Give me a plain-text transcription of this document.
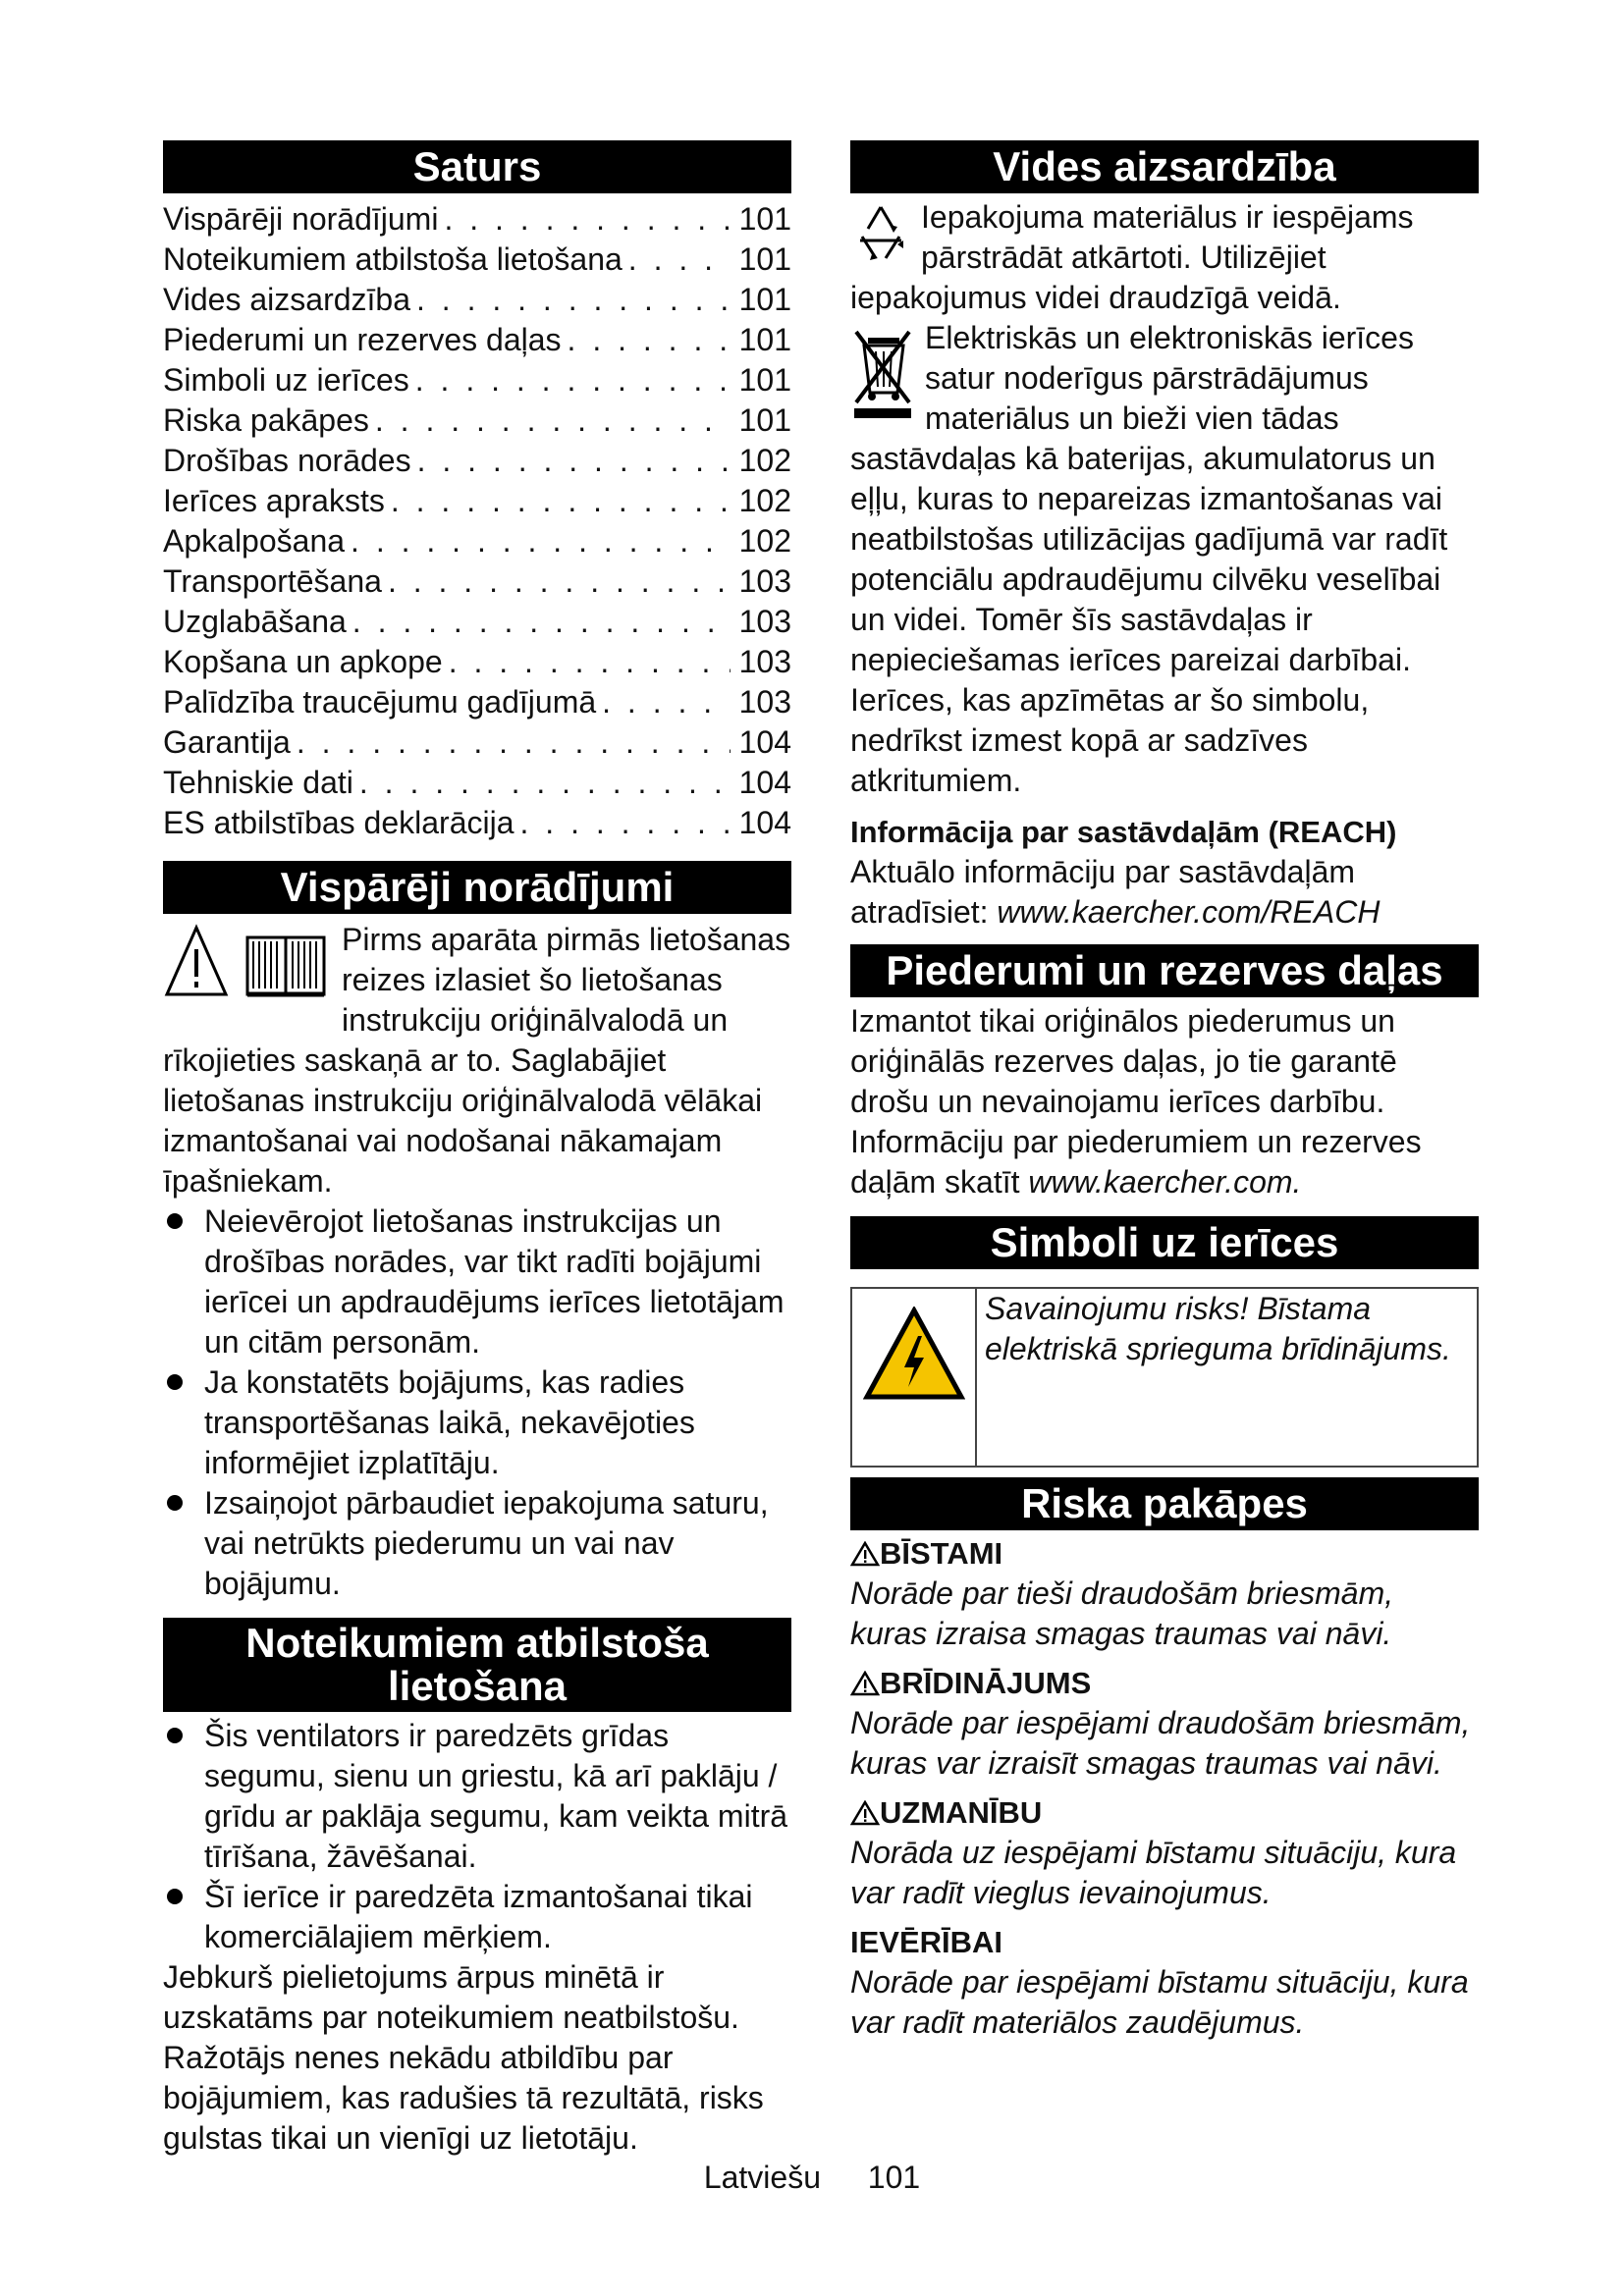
Saturs
Vispārēji norādījumi . . .	101
Noteikumiem atbilstoša lietošana . . .	101
Vides aizsardzība . . .	101
Piederumi un rezerves daļas . . .	101
Simboli uz ierīces . . .	101
Riska pakāpes . . .	101
Drošības norādes . . .	102
Ierīces apraksts . . .	102
Apkalpošana . . .	102
Transportēšana . . .	103
Uzglabāšana . . .	103
Kopšana un apkope . . .	103
Palīdzība traucējumu gadījumā . . .	103
Garantija . . .	104
Tehniskie dati . . .	104
ES atbilstības deklarācija . . .	104
Vispārēji norādījumi

Pirms aparāta pirmās lietošanas reizes izlasiet šo lietošanas instrukciju oriģinālvalodā un rīkojieties saskaņā ar to. Saglabājiet lietošanas instrukciju oriģinālvalodā vēlākai izmantošanai vai nodošanai nākamajam īpašniekam.

Neievērojot lietošanas instrukcijas un drošības norādes, var tikt radīti bojājumi ierīcei un apdraudējums ierīces lietotājam un citām personām.

Ja konstatēts bojājums, kas radies transportēšanas laikā, nekavējoties informējiet izplatītāju.

Izsaiņojot pārbaudiet iepakojuma saturu, vai netrūkts piederumu un vai nav bojājumu.

Noteikumiem atbilstoša
lietošana

Šis ventilators ir paredzēts grīdas segumu, sienu un griestu, kā arī paklāju / grīdu ar paklāja segumu, kam veikta mitrā tīrīšana, žāvēšanai.

Šī ierīce ir paredzēta izmantošanai tikai komerciālajiem mērķiem.

Jebkurš pielietojums ārpus minētā ir uzskatāms par noteikumiem neatbilstošu. Ražotājs nenes nekādu atbildību par bojājumiem, kas radušies tā rezultātā, risks gulstas tikai un vienīgi uz lietotāju.

Vides aizsardzība

Iepakojuma materiālus ir iespējams pārstrādāt atkārtoti. Utilizējiet iepakojumus videi draudzīgā veidā.

Elektriskās un elektroniskās ierīces satur noderīgus pārstrādājumus materiālus un bieži vien tādas sastāvdaļas kā baterijas, akumulatorus un eļļu, kuras to nepareizas izmantošanas vai neatbilstošas utilizācijas gadījumā var radīt potenciālu apdraudējumu cilvēku veselībai un videi. Tomēr šīs sastāvdaļas ir nepieciešamas ierīces pareizai darbībai. Ierīces, kas apzīmētas ar šo simbolu, nedrīkst izmest kopā ar sadzīves atkritumiem.

Informācija par sastāvdaļām (REACH)

Aktuālo informāciju par sastāvdaļām atradīsiet: www.kaercher.com/REACH

Piederumi un rezerves daļas

Izmantot tikai oriģinālos piederumus un oriģinālās rezerves daļas, jo tie garantē drošu un nevainojamu ierīces darbību.

Informāciju par piederumiem un rezerves daļām skatīt www.kaercher.com.

Simboli uz ierīces
Savainojumu risks! Bīstama elektriskā sprieguma brīdinājums.
Riska pakāpes

BĪSTAMI

Norāde par tieši draudošām briesmām, kuras izraisa smagas traumas vai nāvi.

BRĪDINĀJUMS

Norāde par iespējami draudošām briesmām, kuras var izraisīt smagas traumas vai nāvi.

UZMANĪBU

Norāda uz iespējami bīstamu situāciju, kura var radīt vieglus ievainojumus.

IEVĒRĪBAI

Norāde par iespējami bīstamu situāciju, kura var radīt materiālos zaudējumus.

Latviešu 101
